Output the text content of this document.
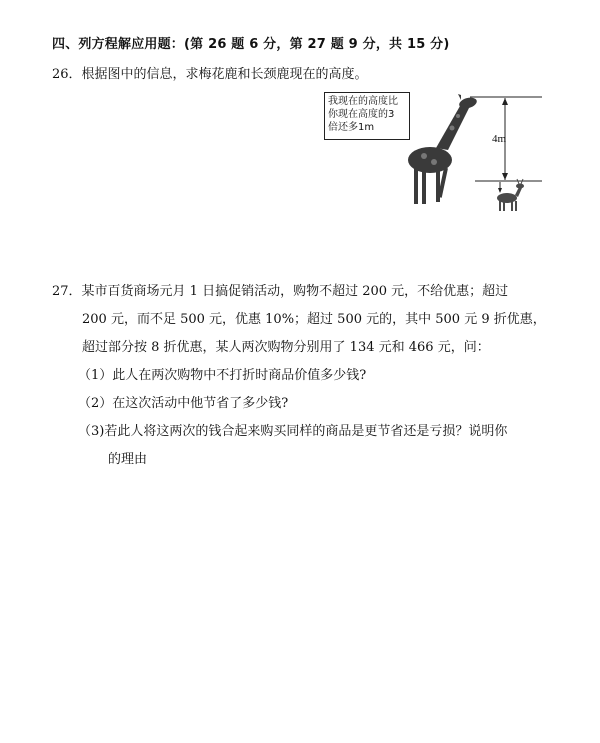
四、列方程解应用题：(第 26 题 6 分，第 27 题 9 分，共 15 分)
26．根据图中的信息，求梅花鹿和长颈鹿现在的高度。
我现在的高度比
你现在高度的3
倍还多1m
4m
27．某市百货商场元月 1 日搞促销活动，购物不超过 200 元，不给优惠；超过
200 元，而不足 500 元，优惠 10%；超过 500 元的，其中 500 元 9 折优惠，
超过部分按 8 折优惠，某人两次购物分别用了 134 元和 466 元，问：
（1）此人在两次购物中不打折时商品价值多少钱?
（2）在这次活动中他节省了多少钱?
（3)若此人将这两次的钱合起来购买同样的商品是更节省还是亏损？说明你
的理由
